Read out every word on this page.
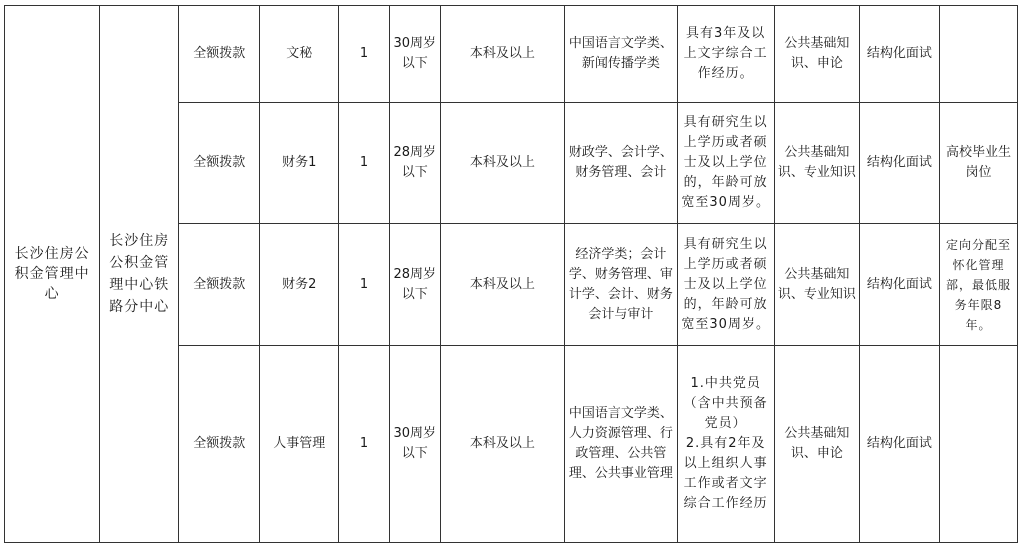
长沙住房公积金管理中心	长沙住房公积金管理中心铁路分中心	全额拨款	文秘	1	30周岁以下	本科及以上	中国语言文学类、新闻传播学类	具有3年及以上文字综合工作经历。	公共基础知识、申论	结构化面试	
		全额拨款	财务1	1	28周岁以下	本科及以上	财政学、会计学、财务管理、会计	具有研究生以上学历或者硕士及以上学位的，年龄可放宽至30周岁。	公共基础知识、专业知识	结构化面试	高校毕业生岗位
		全额拨款	财务2	1	28周岁以下	本科及以上	经济学类；会计学、财务管理、审计学、会计、财务会计与审计	具有研究生以上学历或者硕士及以上学位的，年龄可放宽至30周岁。	公共基础知识、专业知识	结构化面试	定向分配至怀化管理部，最低服务年限8年。
		全额拨款	人事管理	1	30周岁以下	本科及以上	中国语言文学类、人力资源管理、行政管理、公共管理、公共事业管理	1.中共党员（含中共预备党员）
2.具有2年及以上组织人事工作或者文字综合工作经历	公共基础知识、申论	结构化面试	
